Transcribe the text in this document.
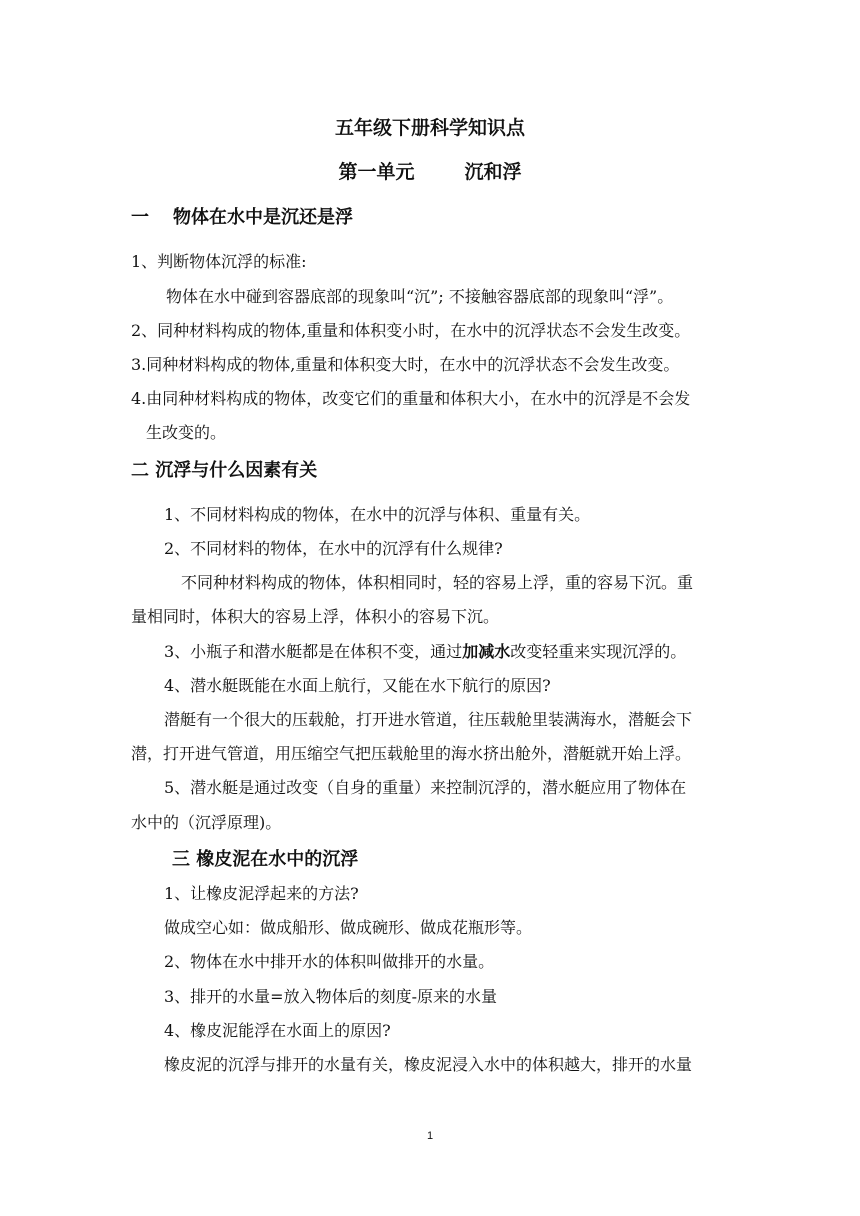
五年级下册科学知识点
第一单元	沉和浮
一 物体在水中是沉还是浮

1、判断物体沉浮的标准:

物体在水中碰到容器底部的现象叫“沉”; 不接触容器底部的现象叫“浮”。

2、同种材料构成的物体,重量和体积变小时，在水中的沉浮状态不会发生改变。

3.同种材料构成的物体,重量和体积变大时，在水中的沉浮状态不会发生改变。

4.由同种材料构成的物体，改变它们的重量和体积大小，在水中的沉浮是不会发

生改变的。

二 沉浮与什么因素有关

1、不同材料构成的物体，在水中的沉浮与体积、重量有关。

2、不同材料的物体，在水中的沉浮有什么规律?

不同种材料构成的物体，体积相同时，轻的容易上浮，重的容易下沉。重

量相同时，体积大的容易上浮，体积小的容易下沉。

3、小瓶子和潜水艇都是在体积不变，通过加减水改变轻重来实现沉浮的。

4、潜水艇既能在水面上航行，又能在水下航行的原因?

潜艇有一个很大的压载舱，打开进水管道，往压载舱里装满海水，潜艇会下

潜，打开进气管道，用压缩空气把压载舱里的海水挤出舱外，潜艇就开始上浮。

5、潜水艇是通过改变（自身的重量）来控制沉浮的，潜水艇应用了物体在

水中的（沉浮原理)。

三 橡皮泥在水中的沉浮

1、让橡皮泥浮起来的方法?

做成空心如：做成船形、做成碗形、做成花瓶形等。

2、物体在水中排开水的体积叫做排开的水量。

3、排开的水量=放入物体后的刻度-原来的水量

4、橡皮泥能浮在水面上的原因?

橡皮泥的沉浮与排开的水量有关，橡皮泥浸入水中的体积越大，排开的水量

1
